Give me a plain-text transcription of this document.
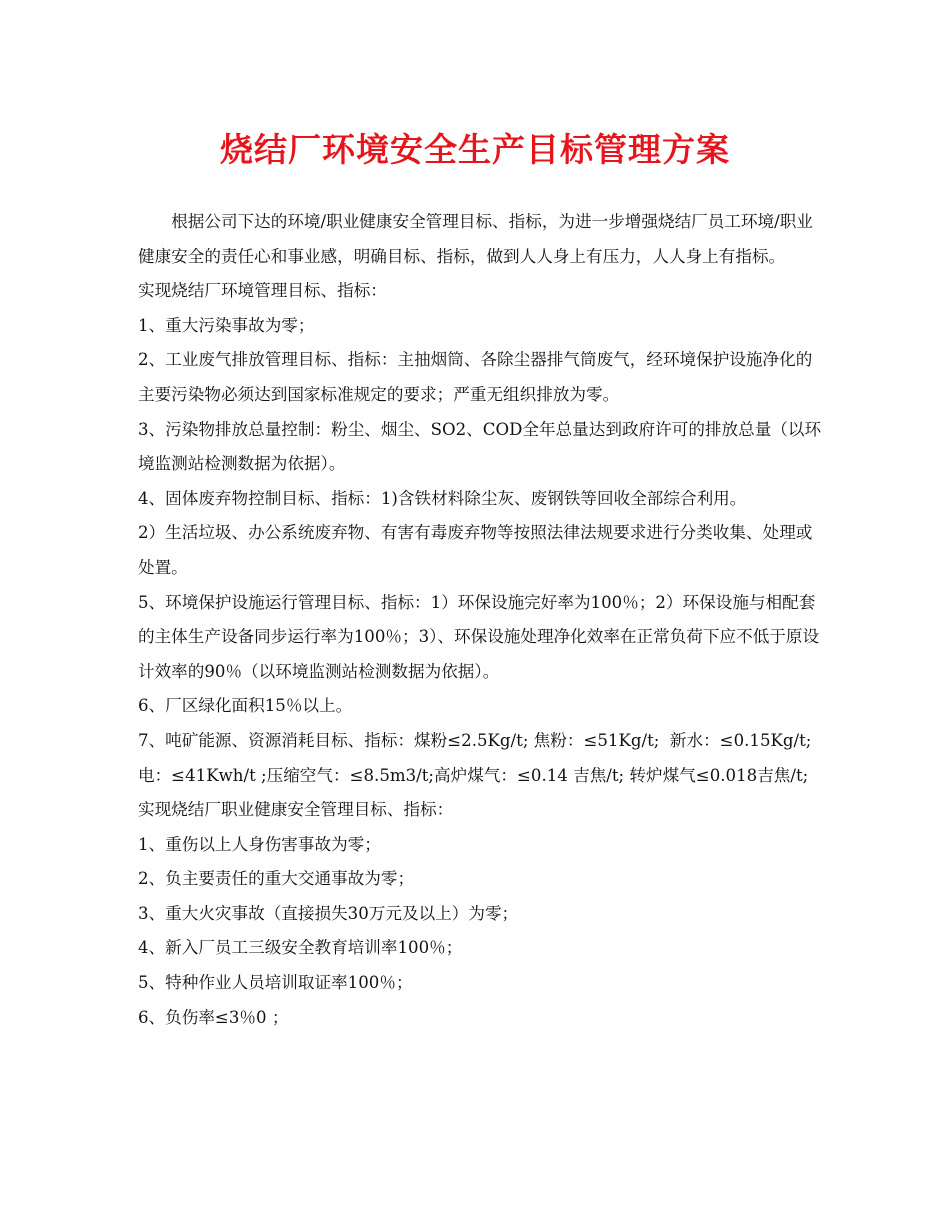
烧结厂环境安全生产目标管理方案

根据公司下达的环境/职业健康安全管理目标、指标，为进一步增强烧结厂员工环境/职业健康安全的责任心和事业感，明确目标、指标，做到人人身上有压力，人人身上有指标。

实现烧结厂环境管理目标、指标：

1、重大污染事故为零；

2、工业废气排放管理目标、指标：主抽烟筒、各除尘器排气筒废气，经环境保护设施净化的主要污染物必须达到国家标准规定的要求；严重无组织排放为零。

3、污染物排放总量控制：粉尘、烟尘、SO2、COD全年总量达到政府许可的排放总量（以环境监测站检测数据为依据）。

4、固体废弃物控制目标、指标：1)含铁材料除尘灰、废钢铁等回收全部综合利用。

2）生活垃圾、办公系统废弃物、有害有毒废弃物等按照法律法规要求进行分类收集、处理或处置。

5、环境保护设施运行管理目标、指标：1）环保设施完好率为100％；2）环保设施与相配套的主体生产设备同步运行率为100％；3）、环保设施处理净化效率在正常负荷下应不低于原设计效率的90％（以环境监测站检测数据为依据）。

6、厂区绿化面积15％以上。

7、吨矿能源、资源消耗目标、指标：煤粉≤2.5Kg/t; 焦粉：≤51Kg/t;  新水：≤0.15Kg/t;   电：≤41Kwh/t ;压缩空气：≤8.5m3/t;高炉煤气：≤0.14 吉焦/t; 转炉煤气≤0.018吉焦/t;

实现烧结厂职业健康安全管理目标、指标：

1、重伤以上人身伤害事故为零；

2、负主要责任的重大交通事故为零；

3、重大火灾事故（直接损失30万元及以上）为零；

4、新入厂员工三级安全教育培训率100％；

5、特种作业人员培训取证率100％；

6、负伤率≤3％0 ；
